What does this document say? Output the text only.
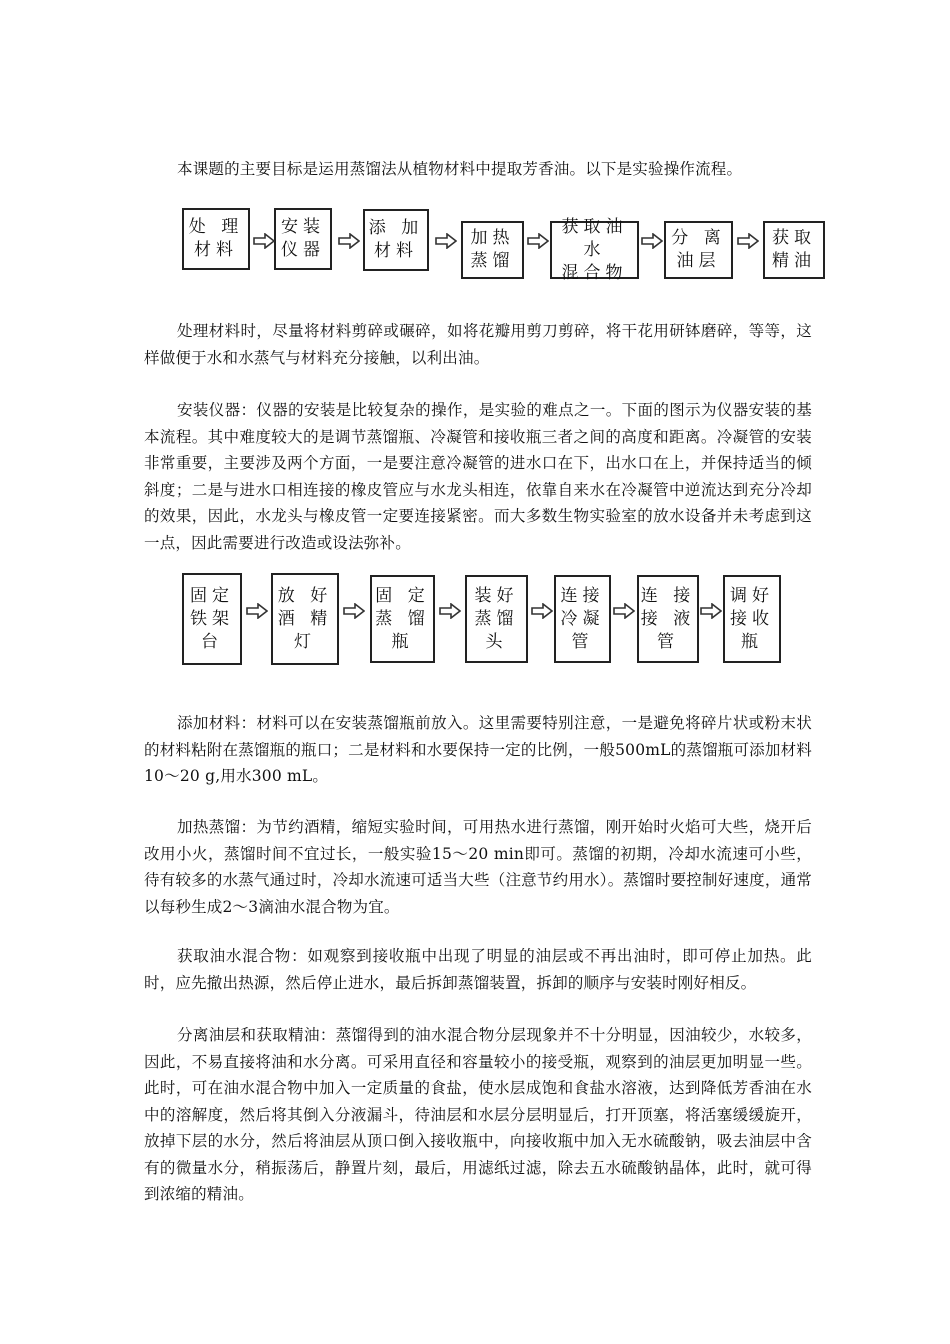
本课题的主要目标是运用蒸馏法从植物材料中提取芳香油。以下是实验操作流程。

处 理
材料
安装
仪器
添 加
材料
加热
蒸馏
获取油水
混合物
分 离
油层
获取
精油

处理材料时，尽量将材料剪碎或碾碎，如将花瓣用剪刀剪碎，将干花用研钵磨碎，等等，这样做便于水和水蒸气与材料充分接触，以利出油。

安装仪器：仪器的安装是比较复杂的操作，是实验的难点之一。下面的图示为仪器安装的基本流程。其中难度较大的是调节蒸馏瓶、冷凝管和接收瓶三者之间的高度和距离。冷凝管的安装非常重要，主要涉及两个方面，一是要注意冷凝管的进水口在下，出水口在上，并保持适当的倾斜度；二是与进水口相连接的橡皮管应与水龙头相连，依靠自来水在冷凝管中逆流达到充分冷却的效果，因此，水龙头与橡皮管一定要连接紧密。而大多数生物实验室的放水设备并未考虑到这一点，因此需要进行改造或设法弥补。

固定
铁架
台
放 好
酒 精
灯
固 定
蒸 馏
瓶
装好
蒸馏
头
连接
冷凝
管
连 接
接 液
管
调好
接收
瓶

添加材料：材料可以在安装蒸馏瓶前放入。这里需要特别注意，一是避免将碎片状或粉末状的材料粘附在蒸馏瓶的瓶口；二是材料和水要保持一定的比例，一般500mL的蒸馏瓶可添加材料10～20 g,用水300 mL。

加热蒸馏：为节约酒精，缩短实验时间，可用热水进行蒸馏，刚开始时火焰可大些，烧开后改用小火，蒸馏时间不宜过长，一般实验15～20 min即可。蒸馏的初期，冷却水流速可小些，待有较多的水蒸气通过时，冷却水流速可适当大些（注意节约用水）。蒸馏时要控制好速度，通常以每秒生成2～3滴油水混合物为宜。

获取油水混合物：如观察到接收瓶中出现了明显的油层或不再出油时，即可停止加热。此时，应先撤出热源，然后停止进水，最后拆卸蒸馏装置，拆卸的顺序与安装时刚好相反。

分离油层和获取精油：蒸馏得到的油水混合物分层现象并不十分明显，因油较少，水较多，因此，不易直接将油和水分离。可采用直径和容量较小的接受瓶，观察到的油层更加明显一些。此时，可在油水混合物中加入一定质量的食盐，使水层成饱和食盐水溶液，达到降低芳香油在水中的溶解度，然后将其倒入分液漏斗，待油层和水层分层明显后，打开顶塞，将活塞缓缓旋开，放掉下层的水分，然后将油层从顶口倒入接收瓶中，向接收瓶中加入无水硫酸钠，吸去油层中含有的微量水分，稍振荡后，静置片刻，最后，用滤纸过滤，除去五水硫酸钠晶体，此时，就可得到浓缩的精油。
